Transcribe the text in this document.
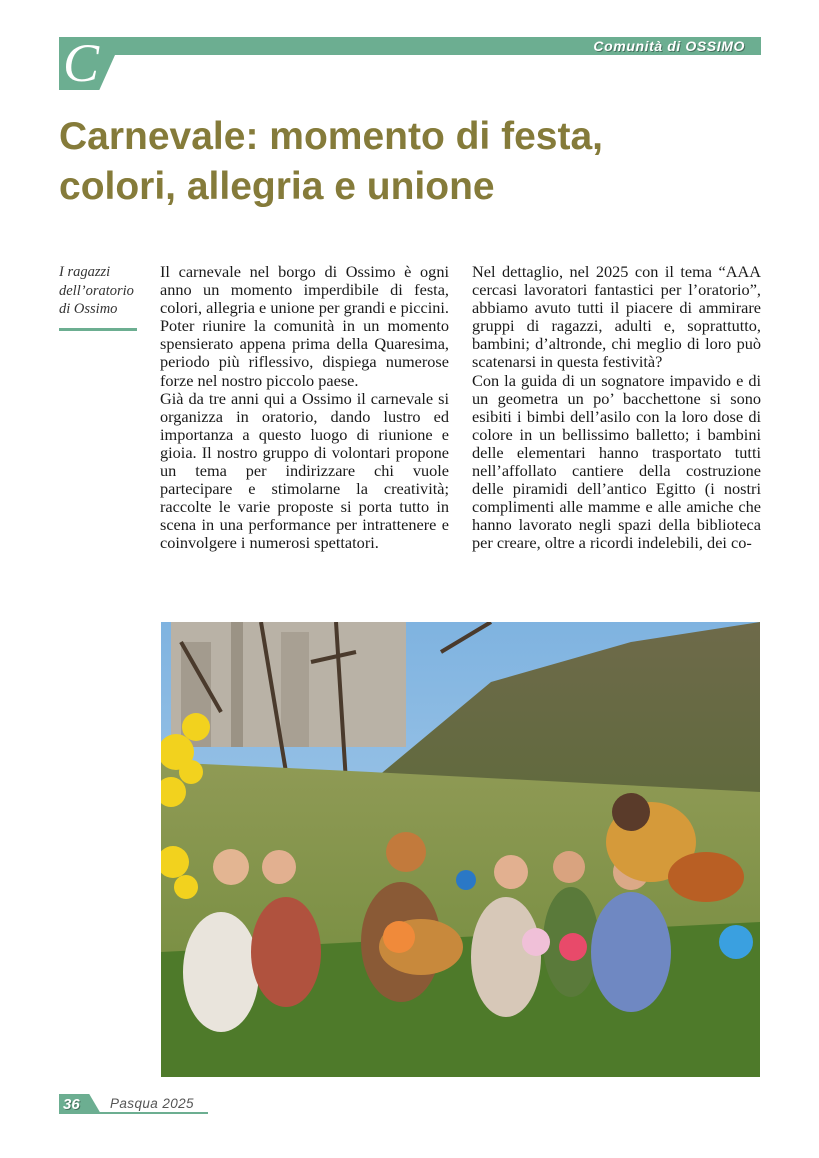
Comunità di OSSIMO
C
Carnevale: momento di festa,
colori, allegria e unione
I ragazzi
dell’oratorio
di Ossimo

Il carnevale nel borgo di Ossimo è ogni anno un momento imperdibile di festa, colori, allegria e unione per grandi e piccini. Poter riunire la comunità in un momento spensierato appena prima della Quaresima, periodo più riflessivo, dispiega numerose forze nel nostro piccolo paese.

Già da tre anni qui a Ossimo il carnevale si organizza in oratorio, dando lustro ed importanza a questo luogo di riunione e gioia. Il nostro gruppo di volontari propone un tema per indirizzare chi vuole partecipare e stimolarne la creatività; raccolte le varie proposte si porta tutto in scena in una performance per intrattenere e coinvolgere i numerosi spettatori.

Nel dettaglio, nel 2025 con il tema “AAA cercasi lavoratori fantastici per l’oratorio”, abbiamo avuto tutti il piacere di ammirare gruppi di ragazzi, adulti e, soprattutto, bambini; d’altronde, chi meglio di loro può scatenarsi in questa festività?

Con la guida di un sognatore impavido e di un geometra un po’ bacchettone si sono esibiti i bimbi dell’asilo con la loro dose di colore in un bellissimo balletto; i bambini delle elementari hanno trasportato tutti nell’affollato cantiere della costruzione delle piramidi dell’antico Egitto (i nostri complimenti alle mamme e alle amiche che hanno lavorato negli spazi della biblioteca per creare, oltre a ricordi indelebili, dei co-

36 Pasqua 2025
